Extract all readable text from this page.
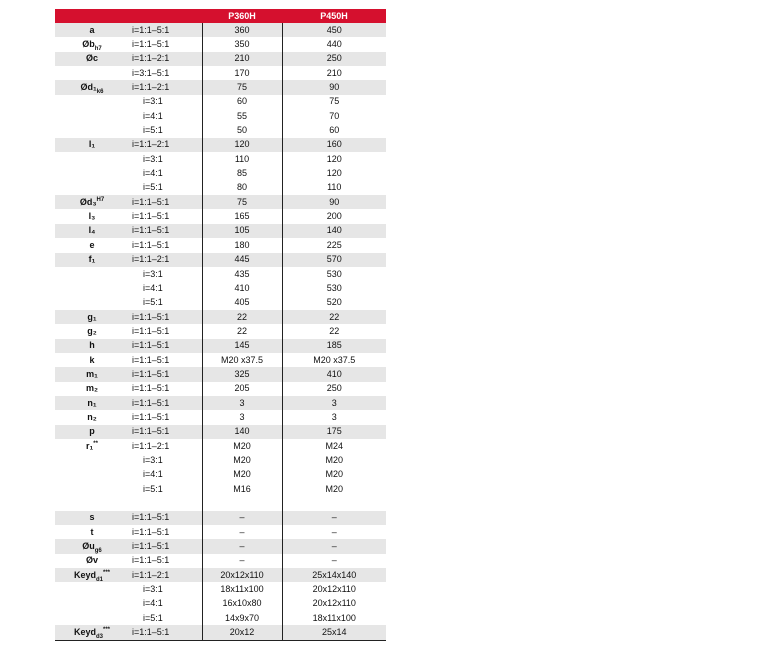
		P360H	P450H
a	i=1:1–5:1	360	450
$Øb_{h7}$	i=1:1–5:1	350	440
Øc	i=1:1–2:1	210	250
	i=3:1–5:1	170	210
$Ød_1_{k6}$	i=1:1–2:1	75	90
	i=3:1	60	75
	i=4:1	55	70
	i=5:1	50	60
l₁	i=1:1–2:1	120	160
	i=3:1	110	120
	i=4:1	85	120
	i=5:1	80	110
Ød₃$^{H7}$	i=1:1–5:1	75	90
l₃	i=1:1–5:1	165	200
l₄	i=1:1–5:1	105	140
e	i=1:1–5:1	180	225
f₁	i=1:1–2:1	445	570
	i=3:1	435	530
	i=4:1	410	530
	i=5:1	405	520
g₁	i=1:1–5:1	22	22
g₂	i=1:1–5:1	22	22
h	i=1:1–5:1	145	185
k	i=1:1–5:1	M20 x37.5	M20 x37.5
m₁	i=1:1–5:1	325	410
m₂	i=1:1–5:1	205	250
n₁	i=1:1–5:1	3	3
n₂	i=1:1–5:1	3	3
p	i=1:1–5:1	140	175
r₁**	i=1:1–2:1	M20	M24
	i=3:1	M20	M20
	i=4:1	M20	M20
	i=5:1	M16	M20

s	i=1:1–5:1	–	–
t	i=1:1–5:1	–	–
$Øu_{g6}$	i=1:1–5:1	–	–
Øv	i=1:1–5:1	–	–
Keyd$_{d1}$***	i=1:1–2:1	20x12x110	25x14x140
	i=3:1	18x11x100	20x12x110
	i=4:1	16x10x80	20x12x110
	i=5:1	14x9x70	18x11x100
Keyd$_{d3}$***	i=1:1–5:1	20x12	25x14
